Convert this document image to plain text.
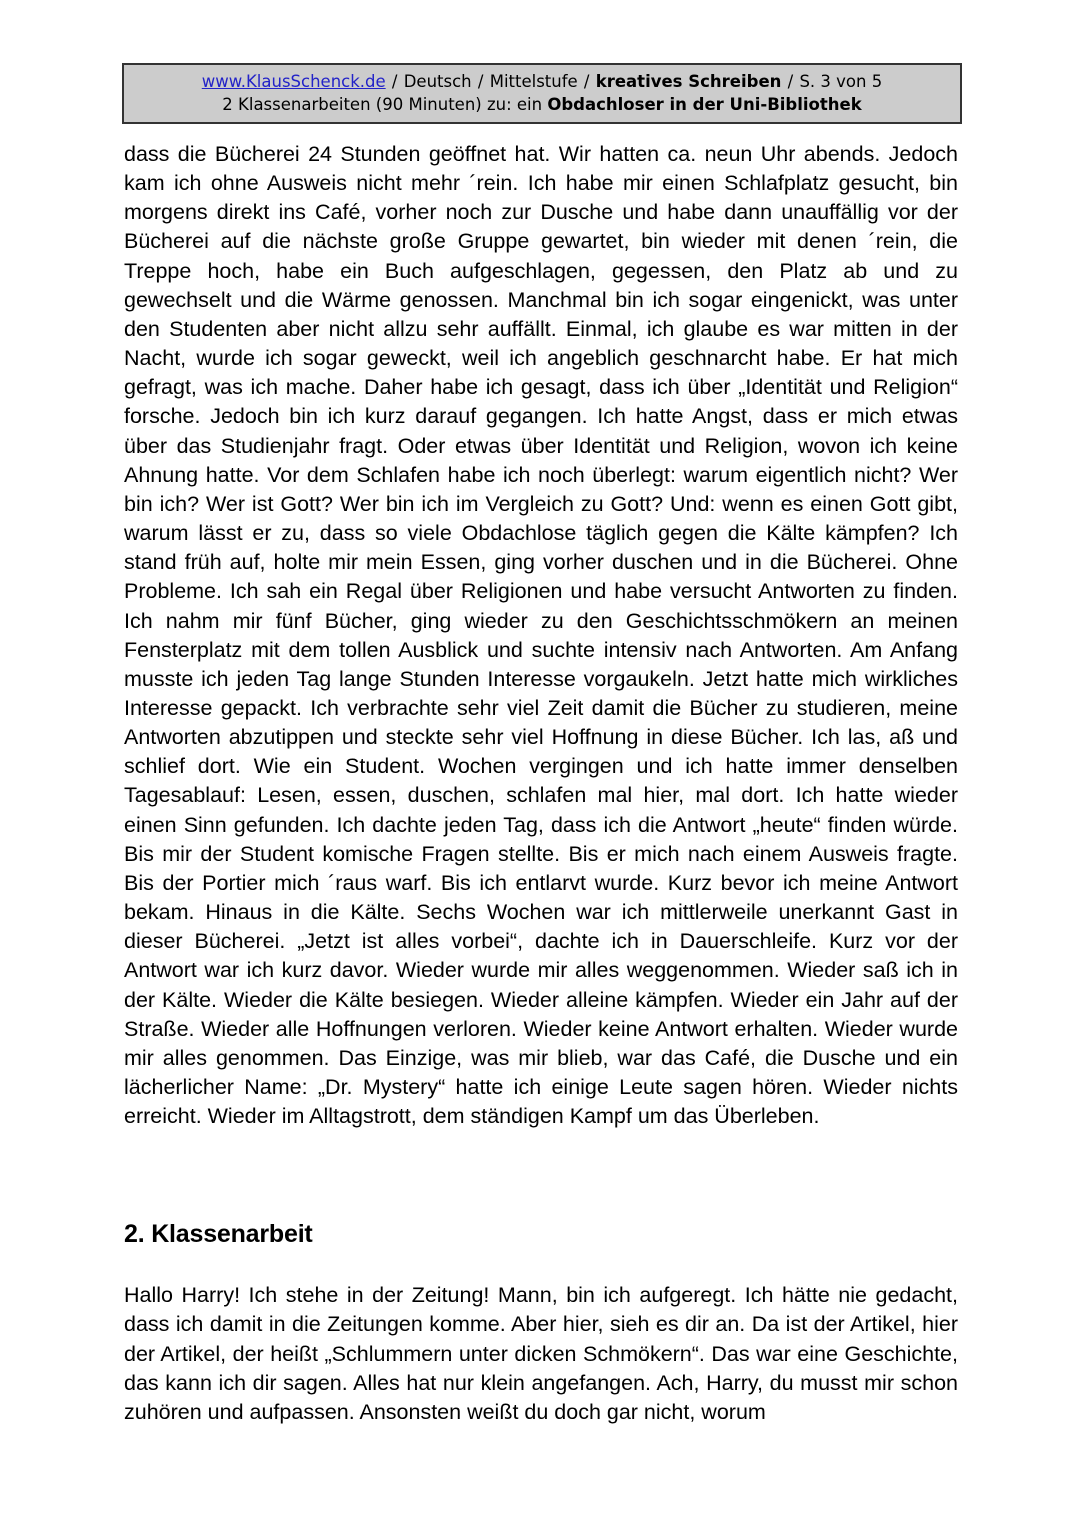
www.KlausSchenck.de / Deutsch / Mittelstufe / kreatives Schreiben / S. 3 von 5
2 Klassenarbeiten (90 Minuten) zu: ein Obdachloser in der Uni-Bibliothek

dass die Bücherei 24 Stunden geöffnet hat. Wir hatten ca. neun Uhr abends. Jedoch kam ich ohne Ausweis nicht mehr ´rein. Ich habe mir einen Schlafplatz gesucht, bin morgens direkt ins Café, vorher noch zur Dusche und habe dann unauffällig vor der Bücherei auf die nächste große Gruppe gewartet, bin wieder mit denen ´rein, die Treppe hoch, habe ein Buch aufgeschlagen, gegessen, den Platz ab und zu gewechselt und die Wärme genossen. Manchmal bin ich sogar eingenickt, was unter den Studenten aber nicht allzu sehr auffällt. Einmal, ich glaube es war mitten in der Nacht, wurde ich sogar geweckt, weil ich angeblich geschnarcht habe. Er hat mich gefragt, was ich mache. Daher habe ich gesagt, dass ich über „Identität und Religion“ forsche. Jedoch bin ich kurz darauf gegangen. Ich hatte Angst, dass er mich etwas über das Studienjahr fragt. Oder etwas über Identität und Religion, wovon ich keine Ahnung hatte. Vor dem Schlafen habe ich noch überlegt: warum eigentlich nicht? Wer bin ich? Wer ist Gott? Wer bin ich im Vergleich zu Gott? Und: wenn es einen Gott gibt, warum lässt er zu, dass so viele Obdachlose täglich gegen die Kälte kämpfen? Ich stand früh auf, holte mir mein Essen, ging vorher duschen und in die Bücherei. Ohne Probleme. Ich sah ein Regal über Religionen und habe versucht Antworten zu finden. Ich nahm mir fünf Bücher, ging wieder zu den Geschichtsschmökern an meinen Fensterplatz mit dem tollen Ausblick und suchte intensiv nach Antworten. Am Anfang musste ich jeden Tag lange Stunden Interesse vorgaukeln. Jetzt hatte mich wirkliches Interesse gepackt. Ich verbrachte sehr viel Zeit damit die Bücher zu studieren, meine Antworten abzutippen und steckte sehr viel Hoffnung in diese Bücher. Ich las, aß und schlief dort. Wie ein Student. Wochen vergingen und ich hatte immer denselben Tagesablauf: Lesen, essen, duschen, schlafen mal hier, mal dort. Ich hatte wieder einen Sinn gefunden. Ich dachte jeden Tag, dass ich die Antwort „heute“ finden würde. Bis mir der Student komische Fragen stellte. Bis er mich nach einem Ausweis fragte. Bis der Portier mich ´raus warf. Bis ich entlarvt wurde. Kurz bevor ich meine Antwort bekam. Hinaus in die Kälte. Sechs Wochen war ich mittlerweile unerkannt Gast in dieser Bücherei. „Jetzt ist alles vorbei“, dachte ich in Dauerschleife. Kurz vor der Antwort war ich kurz davor. Wieder wurde mir alles weggenommen. Wieder saß ich in der Kälte. Wieder die Kälte besiegen. Wieder alleine kämpfen. Wieder ein Jahr auf der Straße. Wieder alle Hoffnungen verloren. Wieder keine Antwort erhalten. Wieder wurde mir alles genommen. Das Einzige, was mir blieb, war das Café, die Dusche und ein lächerlicher Name: „Dr. Mystery“ hatte ich einige Leute sagen hören. Wieder nichts erreicht. Wieder im Alltagstrott, dem ständigen Kampf um das Überleben.

2. Klassenarbeit

Hallo Harry! Ich stehe in der Zeitung! Mann, bin ich aufgeregt. Ich hätte nie gedacht, dass ich damit in die Zeitungen komme. Aber hier, sieh es dir an. Da ist der Artikel, hier der Artikel, der heißt „Schlummern unter dicken Schmökern“. Das war eine Geschichte, das kann ich dir sagen. Alles hat nur klein angefangen. Ach, Harry, du musst mir schon zuhören und aufpassen. Ansonsten weißt du doch gar nicht, worum
